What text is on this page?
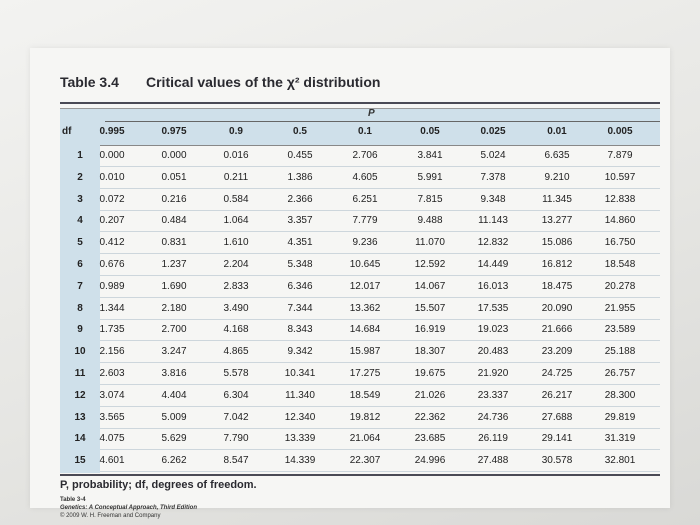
Table 3.4 Critical values of the χ² distribution
P
df	0.995	0.975	0.9	0.5	0.1	0.05	0.025	0.01	0.005
1	0.000	0.000	0.016	0.455	2.706	3.841	5.024	6.635	7.879
2	0.010	0.051	0.211	1.386	4.605	5.991	7.378	9.210	10.597
3	0.072	0.216	0.584	2.366	6.251	7.815	9.348	11.345	12.838
4	0.207	0.484	1.064	3.357	7.779	9.488	11.143	13.277	14.860
5	0.412	0.831	1.610	4.351	9.236	11.070	12.832	15.086	16.750
6	0.676	1.237	2.204	5.348	10.645	12.592	14.449	16.812	18.548
7	0.989	1.690	2.833	6.346	12.017	14.067	16.013	18.475	20.278
8	1.344	2.180	3.490	7.344	13.362	15.507	17.535	20.090	21.955
9	1.735	2.700	4.168	8.343	14.684	16.919	19.023	21.666	23.589
10	2.156	3.247	4.865	9.342	15.987	18.307	20.483	23.209	25.188
11	2.603	3.816	5.578	10.341	17.275	19.675	21.920	24.725	26.757
12	3.074	4.404	6.304	11.340	18.549	21.026	23.337	26.217	28.300
13	3.565	5.009	7.042	12.340	19.812	22.362	24.736	27.688	29.819
14	4.075	5.629	7.790	13.339	21.064	23.685	26.119	29.141	31.319
15	4.601	6.262	8.547	14.339	22.307	24.996	27.488	30.578	32.801
P, probability; df, degrees of freedom.
Table 3-4
Genetics: A Conceptual Approach, Third Edition
© 2009 W. H. Freeman and Company
